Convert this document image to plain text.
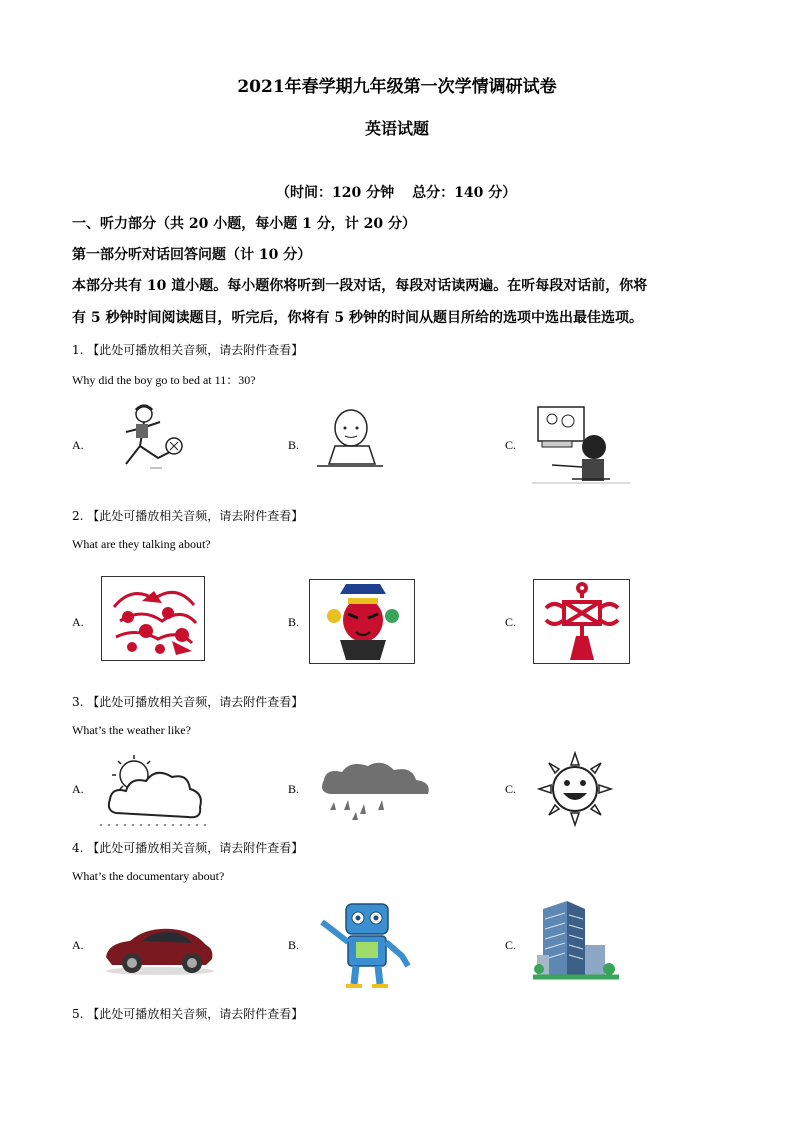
2021年春学期九年级第一次学情调研试卷
英语试题
（时间：120 分钟 总分：140 分）
一、听力部分（共 20 小题，每小题 1 分，计 20 分）
第一部分听对话回答问题（计 10 分）
本部分共有 10 道小题。每小题你将听到一段对话，每段对话读两遍。在听每段对话前，你将
有 5 秒钟时间阅读题目，听完后，你将有 5 秒钟的时间从题目所给的选项中选出最佳选项。
1. 【此处可播放相关音频，请去附件查看】
Why did the boy go to bed at 11：30?
A.	B.	C.
2. 【此处可播放相关音频，请去附件查看】
What are they talking about?
A.	B.	C.
3. 【此处可播放相关音频，请去附件查看】
What’s the weather like?
A.	B.	C.
4. 【此处可播放相关音频，请去附件查看】
What’s the documentary about?
A.	B.	C.
5. 【此处可播放相关音频，请去附件查看】
